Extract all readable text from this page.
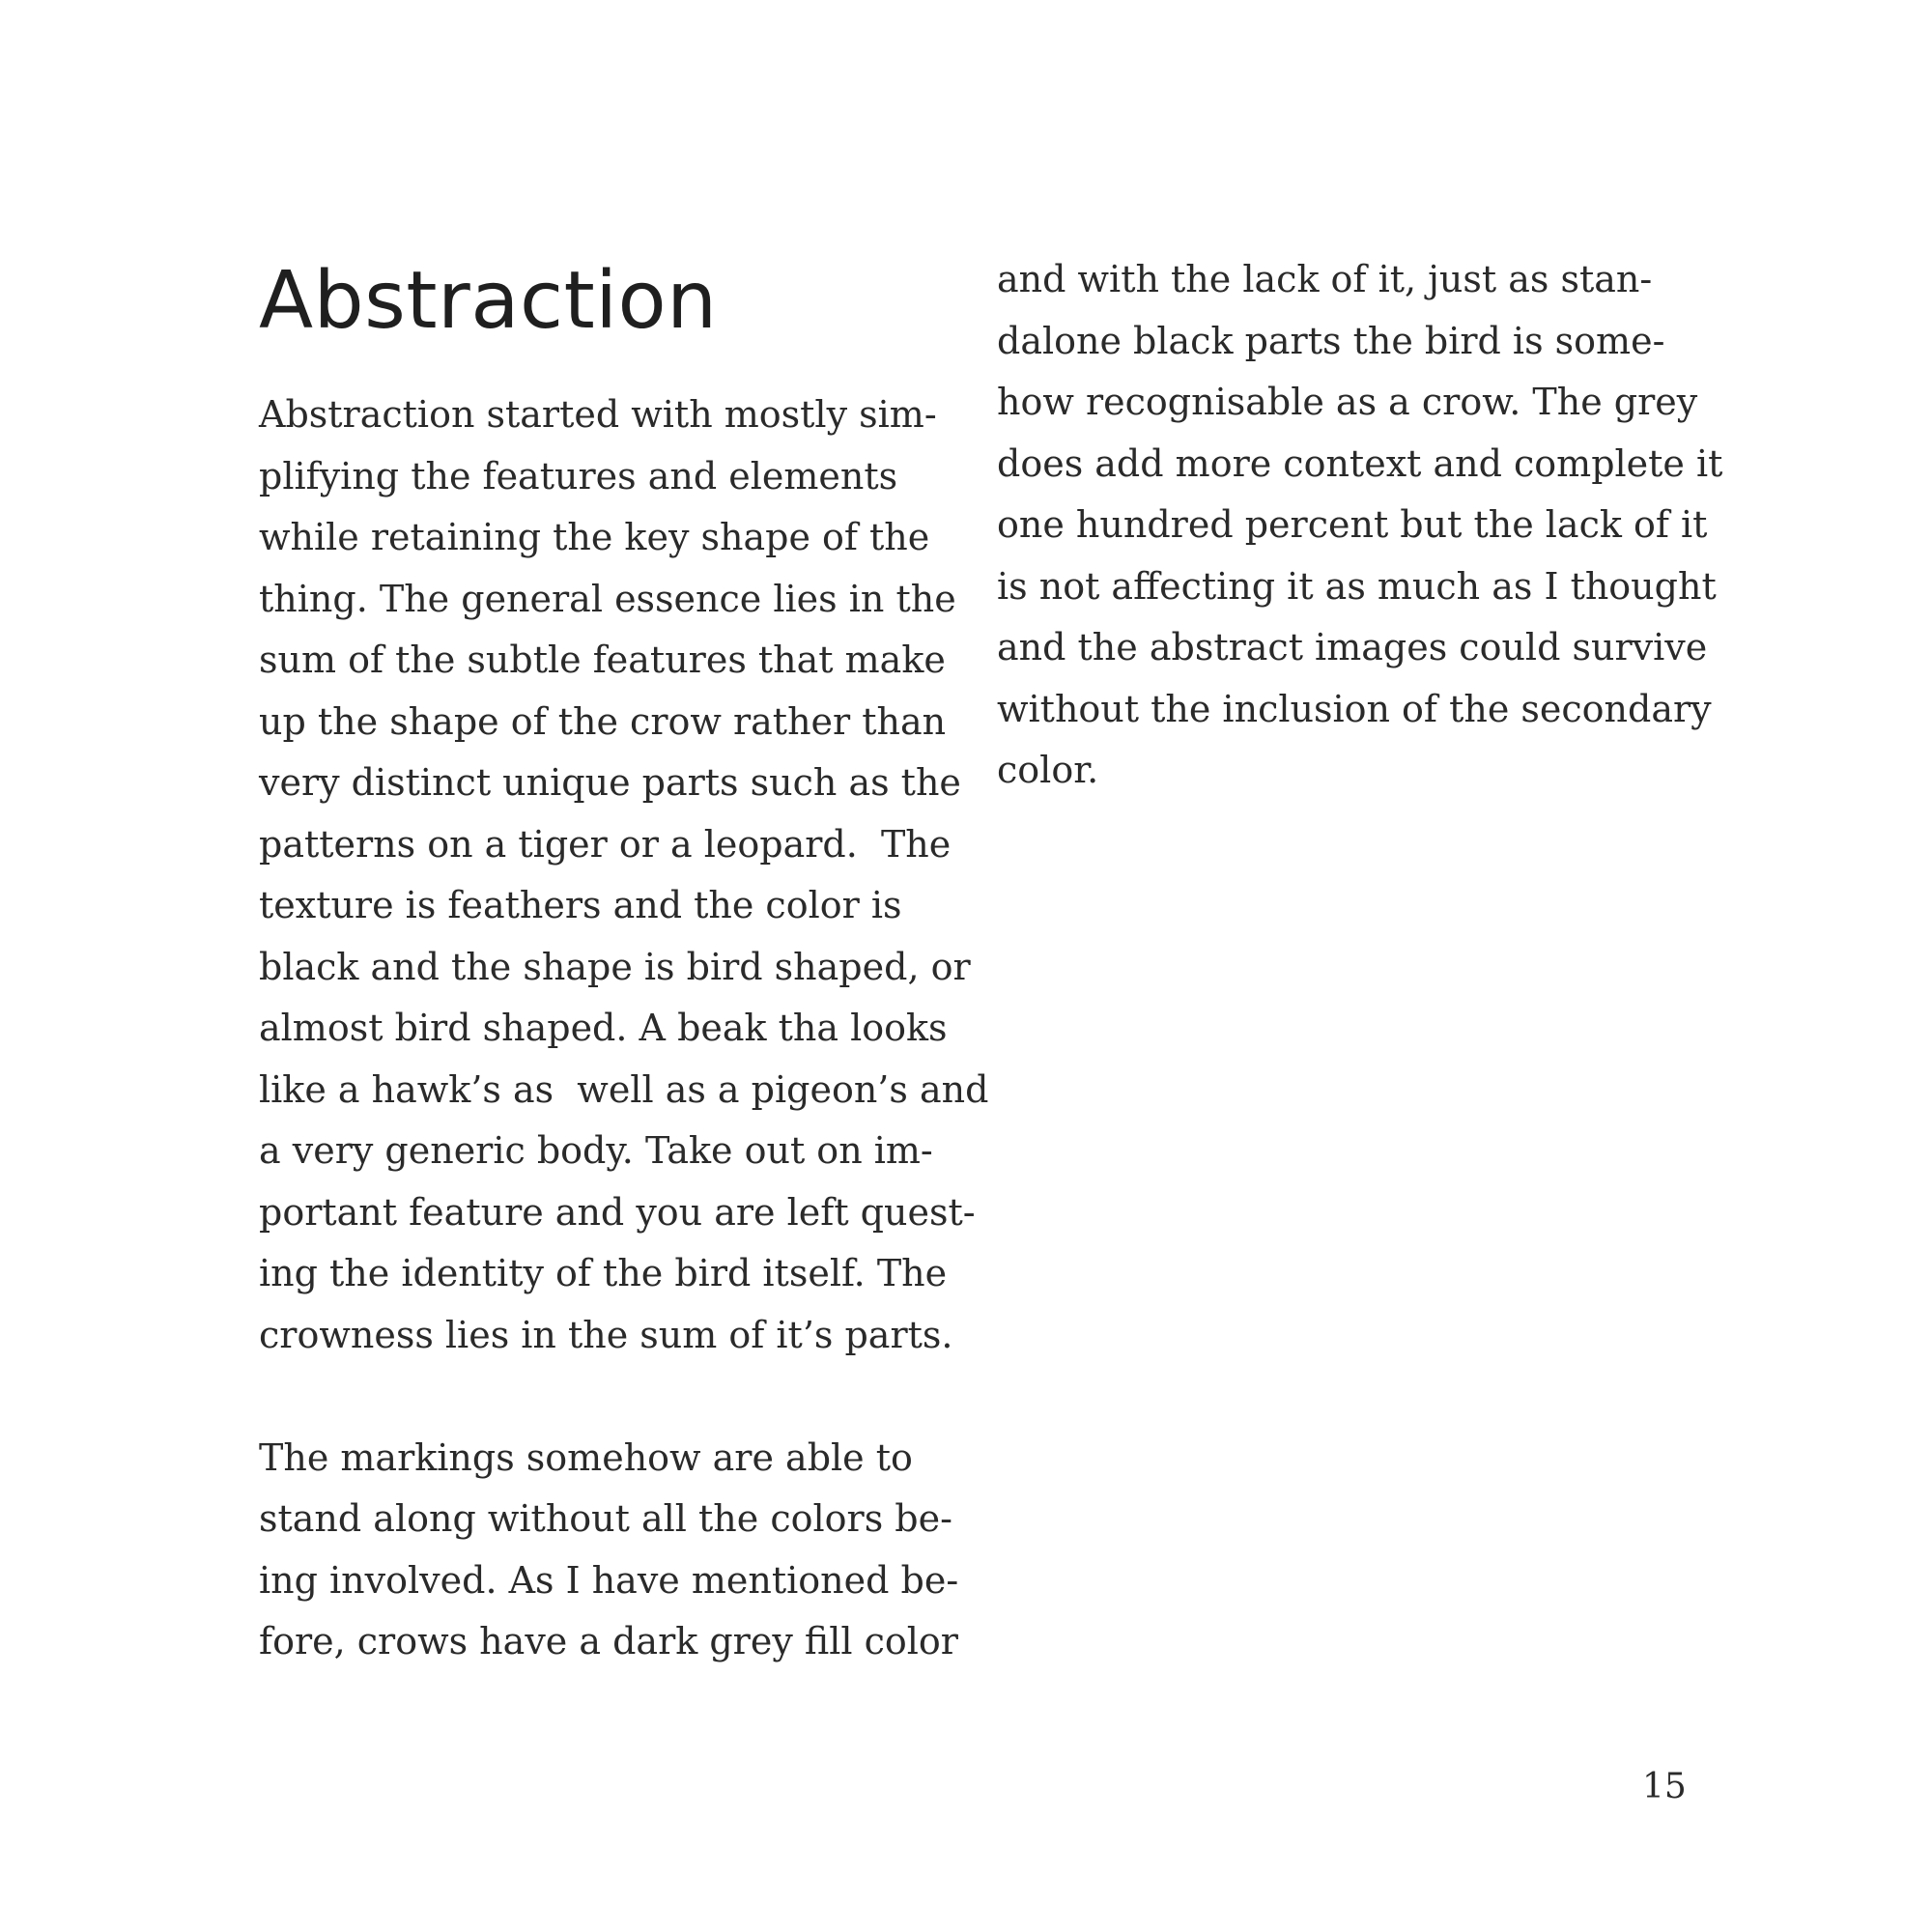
Abstraction
Abstraction started with mostly sim-
plifying the features and elements
while retaining the key shape of the
thing. The general essence lies in the
sum of the subtle features that make
up the shape of the crow rather than
very distinct unique parts such as the
patterns on a tiger or a leopard.  The
texture is feathers and the color is
black and the shape is bird shaped, or
almost bird shaped. A beak tha looks
like a hawk’s as  well as a pigeon’s and
a very generic body. Take out on im-
portant feature and you are left quest-
ing the identity of the bird itself. The
crowness lies in the sum of it’s parts.
The markings somehow are able to
stand along without all the colors be-
ing involved. As I have mentioned be-
fore, crows have a dark grey fill color
and with the lack of it, just as stan-
dalone black parts the bird is some-
how recognisable as a crow. The grey
does add more context and complete it
one hundred percent but the lack of it
is not affecting it as much as I thought
and the abstract images could survive
without the inclusion of the secondary
color.
15
